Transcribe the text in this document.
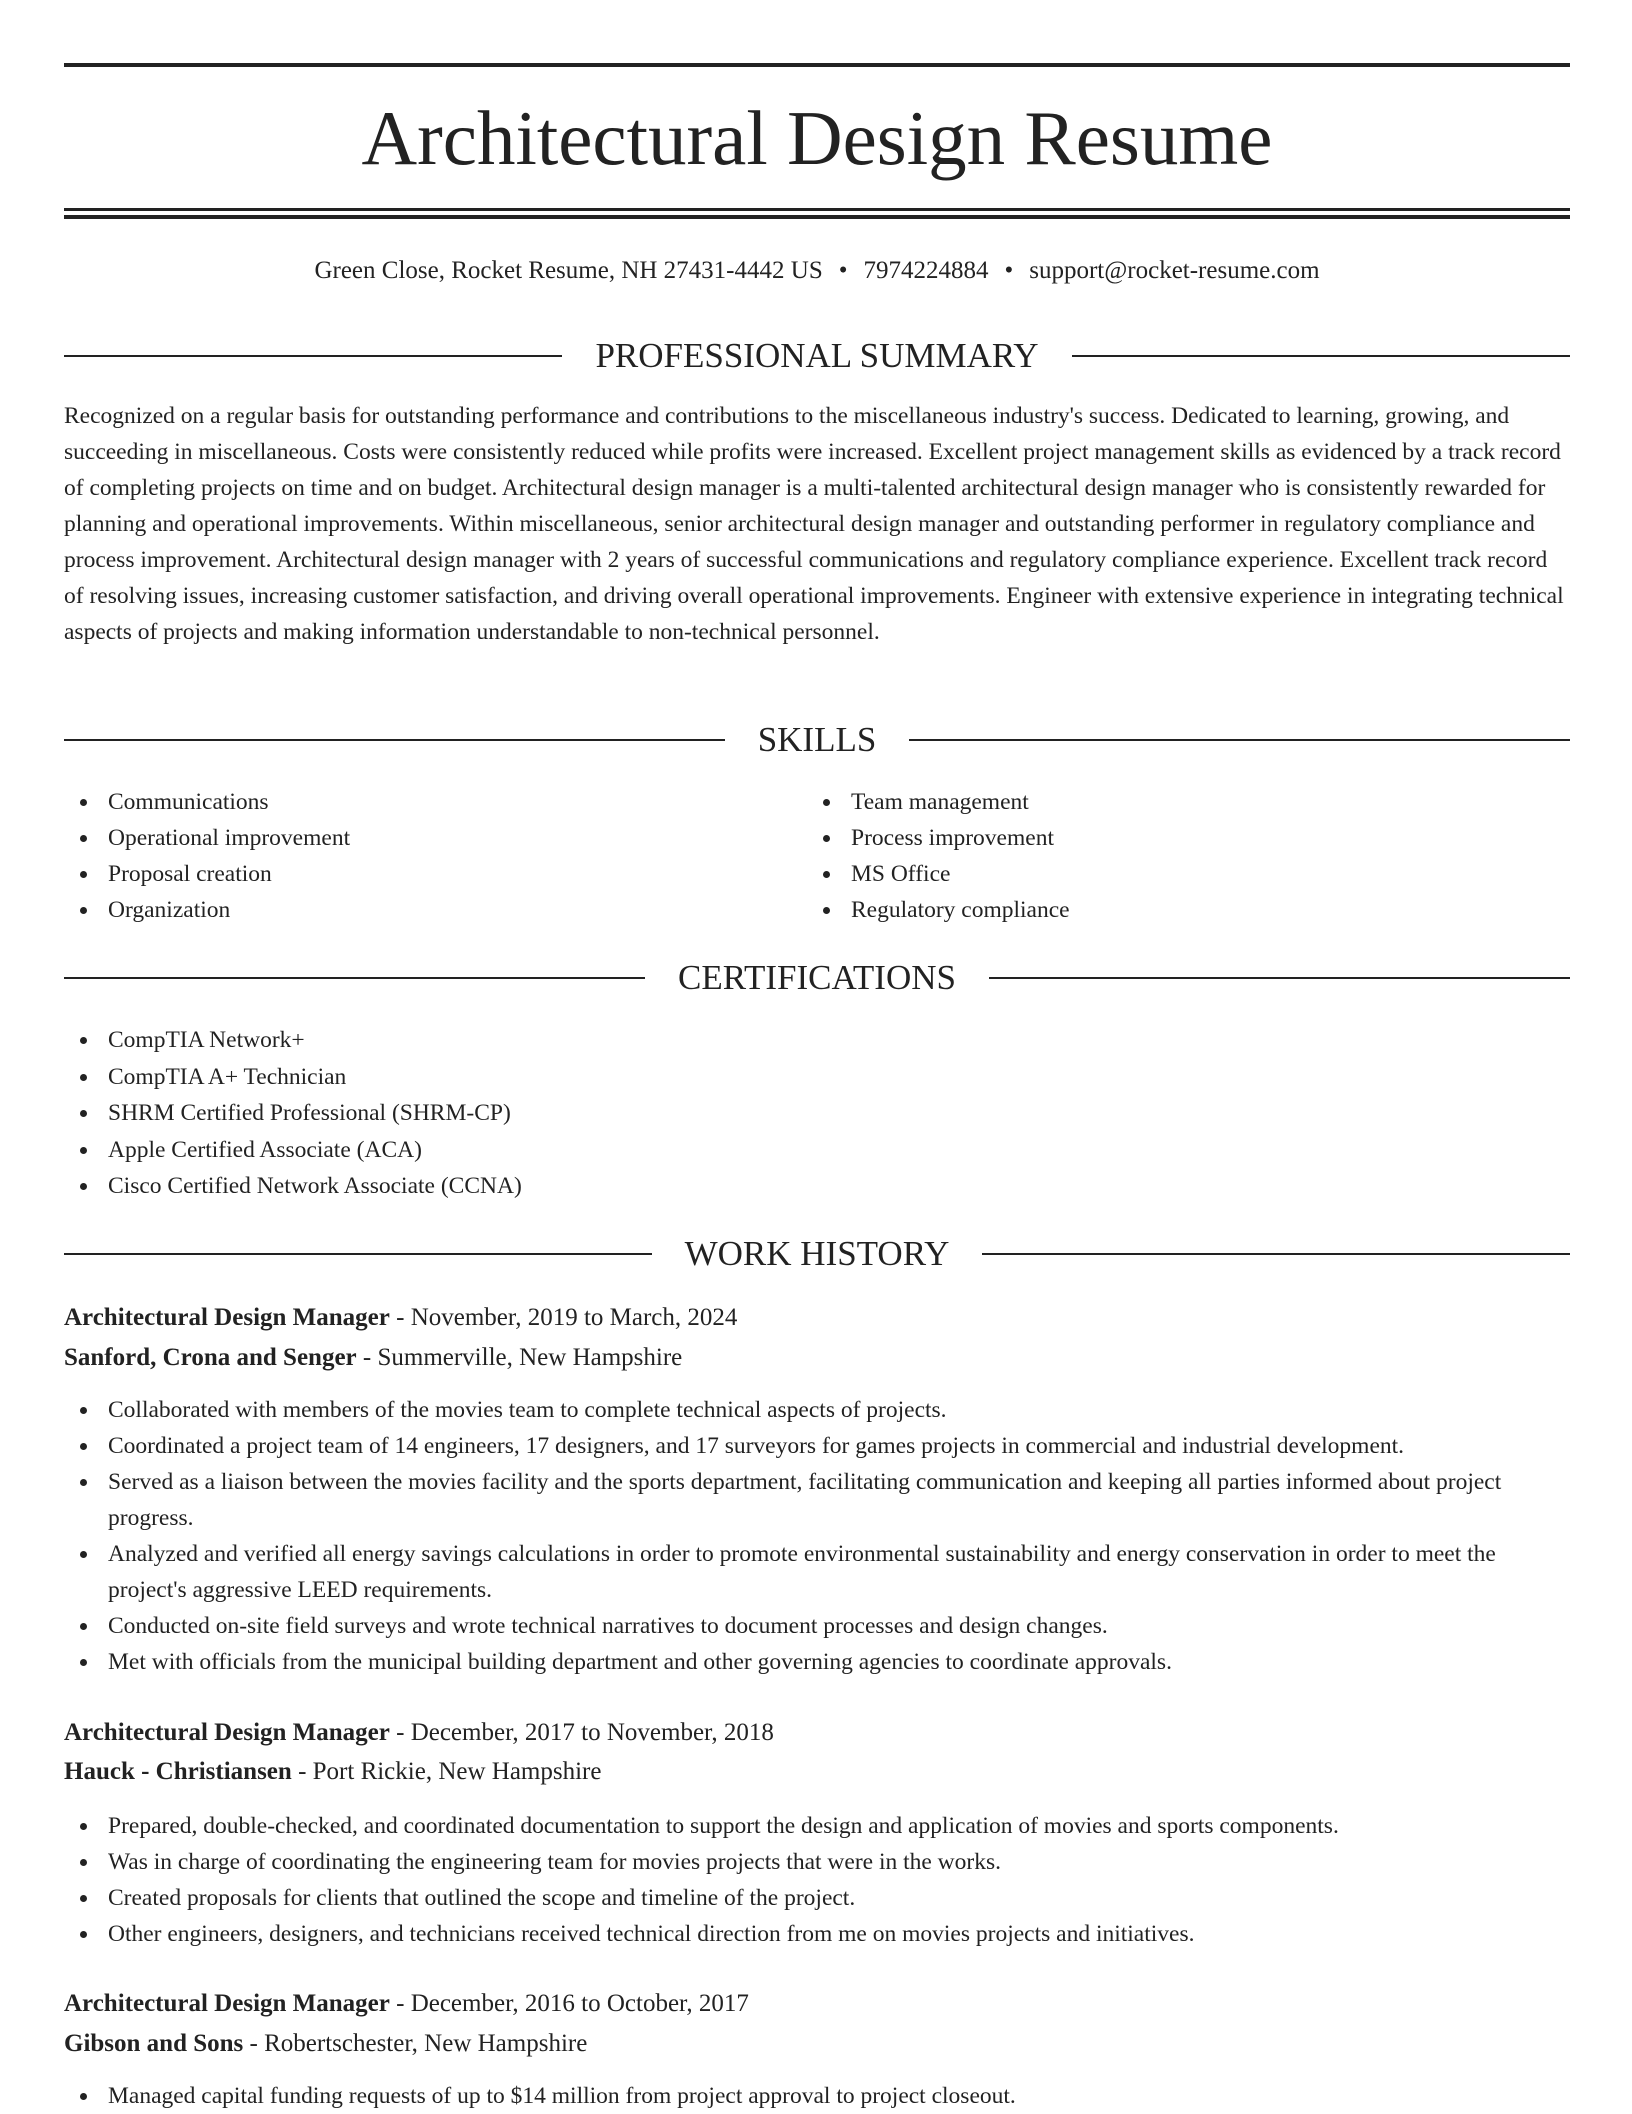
Architectural Design Resume
Green Close, Rocket Resume, NH 27431-4442 US • 7974224884 • support@rocket-resume.com
PROFESSIONAL SUMMARY

Recognized on a regular basis for outstanding performance and contributions to the miscellaneous industry's success. Dedicated to learning, growing, and succeeding in miscellaneous. Costs were consistently reduced while profits were increased. Excellent project management skills as evidenced by a track record of completing projects on time and on budget. Architectural design manager is a multi-talented architectural design manager who is consistently rewarded for planning and operational improvements. Within miscellaneous, senior architectural design manager and outstanding performer in regulatory compliance and process improvement. Architectural design manager with 2 years of successful communications and regulatory compliance experience. Excellent track record of resolving issues, increasing customer satisfaction, and driving overall operational improvements. Engineer with extensive experience in integrating technical aspects of projects and making information understandable to non-technical personnel.

SKILLS
Communications
Operational improvement
Proposal creation
Organization
Team management
Process improvement
MS Office
Regulatory compliance
CERTIFICATIONS
CompTIA Network+
CompTIA A+ Technician
SHRM Certified Professional (SHRM-CP)
Apple Certified Associate (ACA)
Cisco Certified Network Associate (CCNA)
WORK HISTORY
Architectural Design Manager - November, 2019 to March, 2024
Sanford, Crona and Senger - Summerville, New Hampshire
Collaborated with members of the movies team to complete technical aspects of projects.
Coordinated a project team of 14 engineers, 17 designers, and 17 surveyors for games projects in commercial and industrial development.
Served as a liaison between the movies facility and the sports department, facilitating communication and keeping all parties informed about project progress.
Analyzed and verified all energy savings calculations in order to promote environmental sustainability and energy conservation in order to meet the project's aggressive LEED requirements.
Conducted on-site field surveys and wrote technical narratives to document processes and design changes.
Met with officials from the municipal building department and other governing agencies to coordinate approvals.
Architectural Design Manager - December, 2017 to November, 2018
Hauck - Christiansen - Port Rickie, New Hampshire
Prepared, double-checked, and coordinated documentation to support the design and application of movies and sports components.
Was in charge of coordinating the engineering team for movies projects that were in the works.
Created proposals for clients that outlined the scope and timeline of the project.
Other engineers, designers, and technicians received technical direction from me on movies projects and initiatives.
Architectural Design Manager - December, 2016 to October, 2017
Gibson and Sons - Robertschester, New Hampshire
Managed capital funding requests of up to $14 million from project approval to project closeout.
